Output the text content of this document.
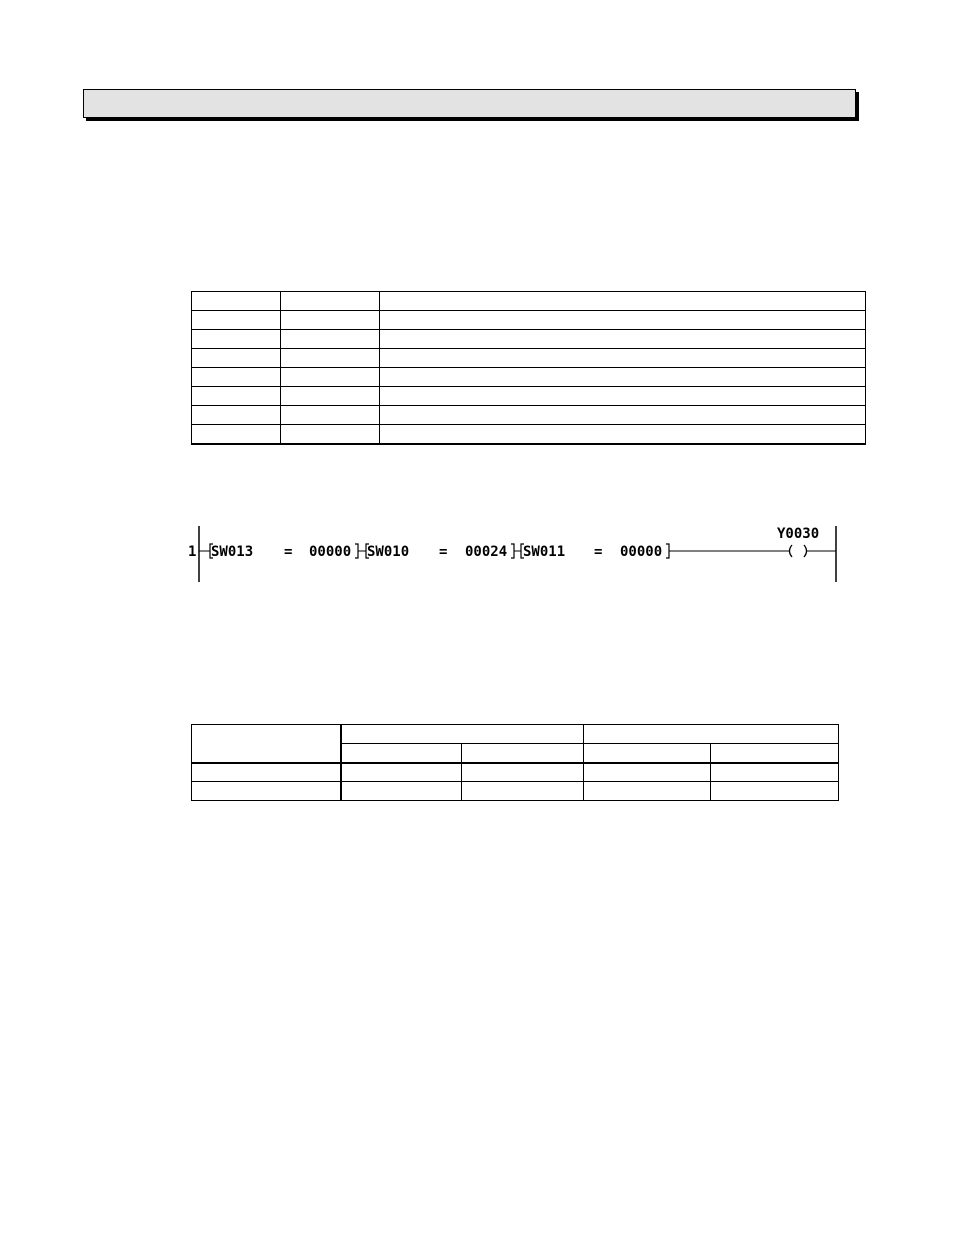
1 SW013 = 00000 SW010 = 00024 SW011 = 00000
Y0030
